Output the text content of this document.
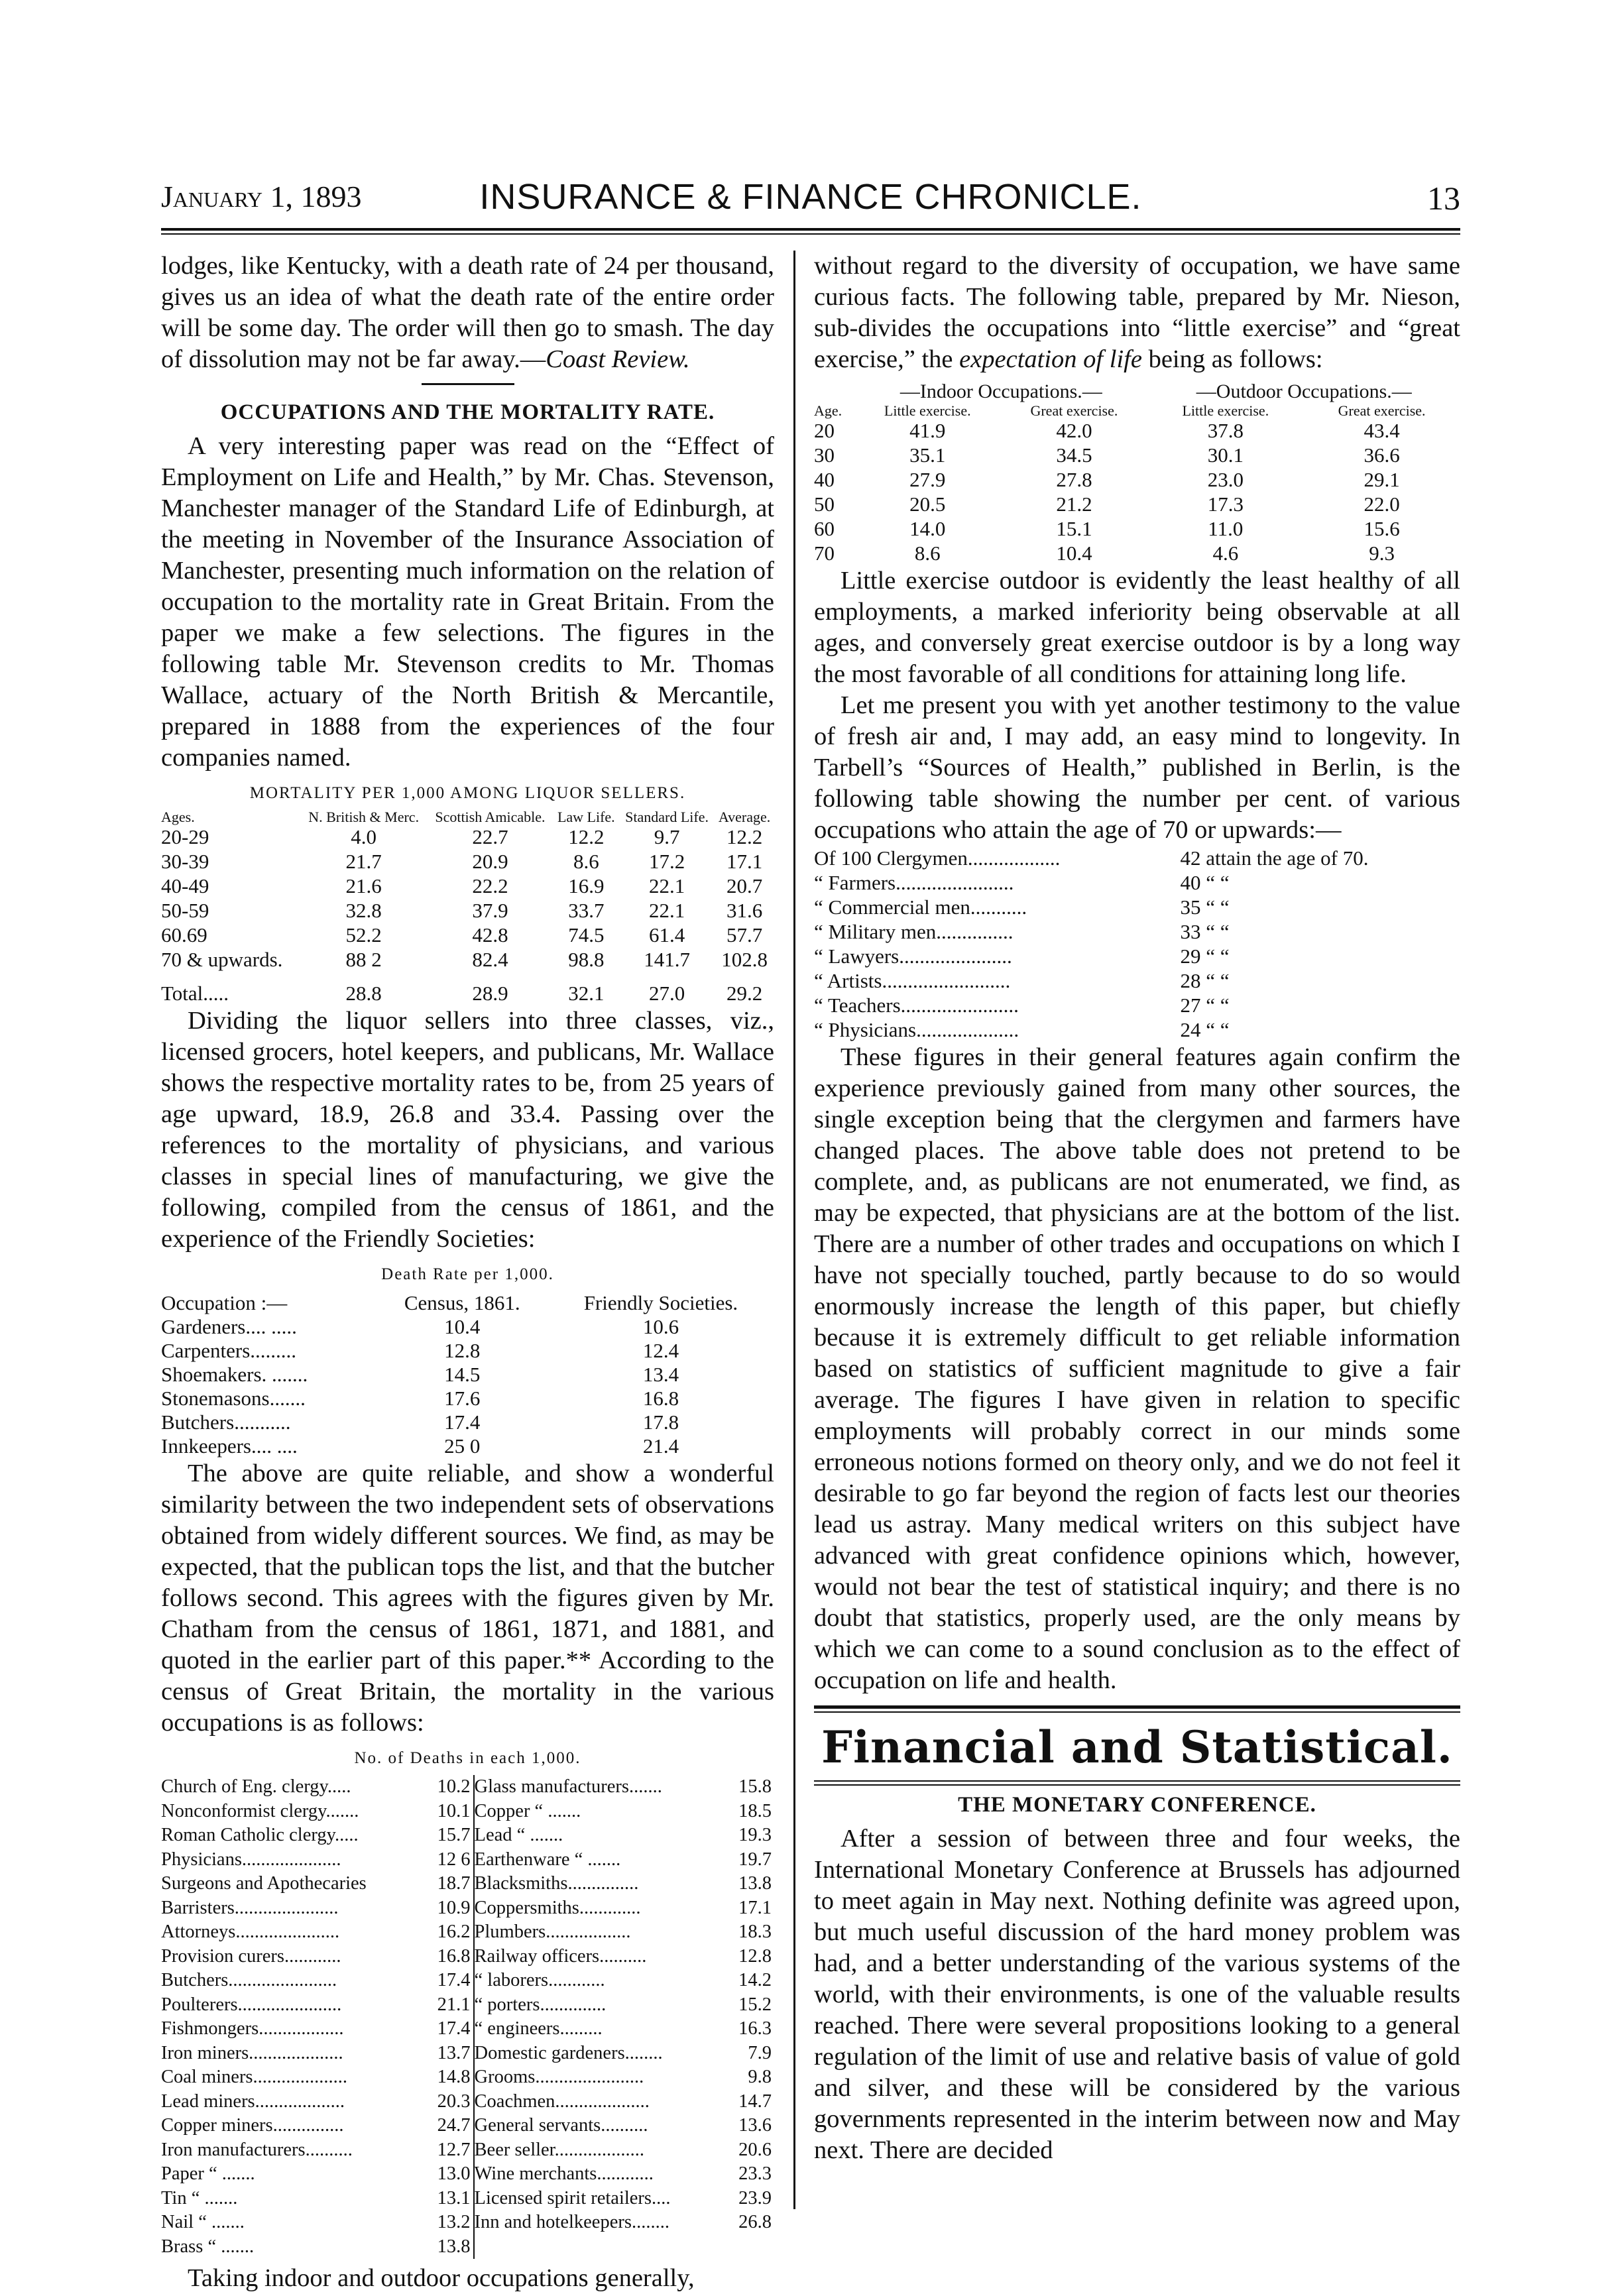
January 1, 1893	INSURANCE & FINANCE CHRONICLE.	13

lodges, like Kentucky, with a death rate of 24 per thousand, gives us an idea of what the death rate of the entire order will be some day. The order will then go to smash. The day of dissolution may not be far away.—Coast Review.

OCCUPATIONS AND THE MORTALITY RATE.

A very interesting paper was read on the “Effect of Employment on Life and Health,” by Mr. Chas. Stevenson, Manchester manager of the Standard Life of Edinburgh, at the meeting in November of the Insurance Association of Manchester, presenting much information on the relation of occupation to the mortality rate in Great Britain. From the paper we make a few selections. The figures in the following table Mr. Stevenson credits to Mr. Thomas Wallace, actuary of the North British & Mercantile, prepared in 1888 from the experiences of the four companies named.

MORTALITY PER 1,000 AMONG LIQUOR SELLERS.
Ages.	N. British & Merc.	Scottish Amicable.	Law Life.	Standard Life.	Average.
20-29	4.0	22.7	12.2	9.7	12.2
30-39	21.7	20.9	8.6	17.2	17.1
40-49	21.6	22.2	16.9	22.1	20.7
50-59	32.8	37.9	33.7	22.1	31.6
60.69	52.2	42.8	74.5	61.4	57.7
70 & upwards.	88 2	82.4	98.8	141.7	102.8
Total.....	28.8	28.9	32.1	27.0	29.2

Dividing the liquor sellers into three classes, viz., licensed grocers, hotel keepers, and publicans, Mr. Wallace shows the respective mortality rates to be, from 25 years of age upward, 18.9, 26.8 and 33.4. Passing over the references to the mortality of physicians, and various classes in special lines of manufacturing, we give the following, compiled from the census of 1861, and the experience of the Friendly Societies:

Death Rate per 1,000.
Occupation :—	Census, 1861.	Friendly Societies.
Gardeners.... .....	10.4	10.6
Carpenters.........	12.8	12.4
Shoemakers. .......	14.5	13.4
Stonemasons.......	17.6	16.8
Butchers...........	17.4	17.8
Innkeepers.... ....	25 0	21.4

The above are quite reliable, and show a wonderful similarity between the two independent sets of observations obtained from widely different sources. We find, as may be expected, that the publican tops the list, and that the butcher follows second. This agrees with the figures given by Mr. Chatham from the census of 1861, 1871, and 1881, and quoted in the earlier part of this paper.** According to the census of Great Britain, the mortality in the various occupations is as follows:

No. of Deaths in each 1,000.
Church of Eng. clergy.....	10.2	Glass manufacturers.......	15.8
Nonconformist clergy.......	10.1	Copper “ .......	18.5
Roman Catholic clergy.....	15.7	Lead “ .......	19.3
Physicians.....................	12 6	Earthenware “ .......	19.7
Surgeons and Apothecaries	18.7	Blacksmiths...............	13.8
Barristers......................	10.9	Coppersmiths.............	17.1
Attorneys......................	16.2	Plumbers..................	18.3
Provision curers............	16.8	Railway officers..........	12.8
Butchers.......................	17.4	“ laborers............	14.2
Poulterers......................	21.1	“ porters..............	15.2
Fishmongers..................	17.4	“ engineers.........	16.3
Iron miners....................	13.7	Domestic gardeners........	7.9
Coal miners....................	14.8	Grooms.......................	9.8
Lead miners...................	20.3	Coachmen....................	14.7
Copper miners...............	24.7	General servants..........	13.6
Iron manufacturers..........	12.7	Beer seller...................	20.6
Paper “ .......	13.0	Wine merchants............	23.3
Tin “ .......	13.1	Licensed spirit retailers....	23.9
Nail “ .......	13.2	Inn and hotelkeepers........	26.8
Brass “ .......	13.8		

Taking indoor and outdoor occupations generally,

without regard to the diversity of occupation, we have same curious facts. The following table, prepared by Mr. Nieson, sub-divides the occupations into “little exercise” and “great exercise,” the expectation of life being as follows:

	—Indoor Occupations.—		—Outdoor Occupations.—	
Age.	Little exercise.	Great exercise.	Little exercise.	Great exercise.
20	41.9	42.0	37.8	43.4
30	35.1	34.5	30.1	36.6
40	27.9	27.8	23.0	29.1
50	20.5	21.2	17.3	22.0
60	14.0	15.1	11.0	15.6
70	8.6	10.4	4.6	9.3

Little exercise outdoor is evidently the least healthy of all employments, a marked inferiority being observable at all ages, and conversely great exercise outdoor is by a long way the most favorable of all conditions for attaining long life.

Let me present you with yet another testimony to the value of fresh air and, I may add, an easy mind to longevity. In Tarbell’s “Sources of Health,” published in Berlin, is the following table showing the number per cent. of various occupations who attain the age of 70 or upwards:—

Of 100 Clergymen..................	42 attain the age of 70.
“ Farmers.......................	40 “ “
“ Commercial men...........	35 “ “
“ Military men...............	33 “ “
“ Lawyers......................	29 “ “
“ Artists.........................	28 “ “
“ Teachers.......................	27 “ “
“ Physicians....................	24 “ “

These figures in their general features again confirm the experience previously gained from many other sources, the single exception being that the clergymen and farmers have changed places. The above table does not pretend to be complete, and, as publicans are not enumerated, we find, as may be expected, that physicians are at the bottom of the list. There are a number of other trades and occupations on which I have not specially touched, partly because to do so would enormously increase the length of this paper, but chiefly because it is extremely difficult to get reliable information based on statistics of sufficient magnitude to give a fair average. The figures I have given in relation to specific employments will probably correct in our minds some erroneous notions formed on theory only, and we do not feel it desirable to go far beyond the region of facts lest our theories lead us astray. Many medical writers on this subject have advanced with great confidence opinions which, however, would not bear the test of statistical inquiry; and there is no doubt that statistics, properly used, are the only means by which we can come to a sound conclusion as to the effect of occupation on life and health.

Financial and Statistical.
THE MONETARY CONFERENCE.

After a session of between three and four weeks, the International Monetary Conference at Brussels has adjourned to meet again in May next. Nothing definite was agreed upon, but much useful discussion of the hard money problem was had, and a better understanding of the various systems of the world, with their environments, is one of the valuable results reached. There were several propositions looking to a general regulation of the limit of use and relative basis of value of gold and silver, and these will be considered by the various governments represented in the interim between now and May next. There are decided
